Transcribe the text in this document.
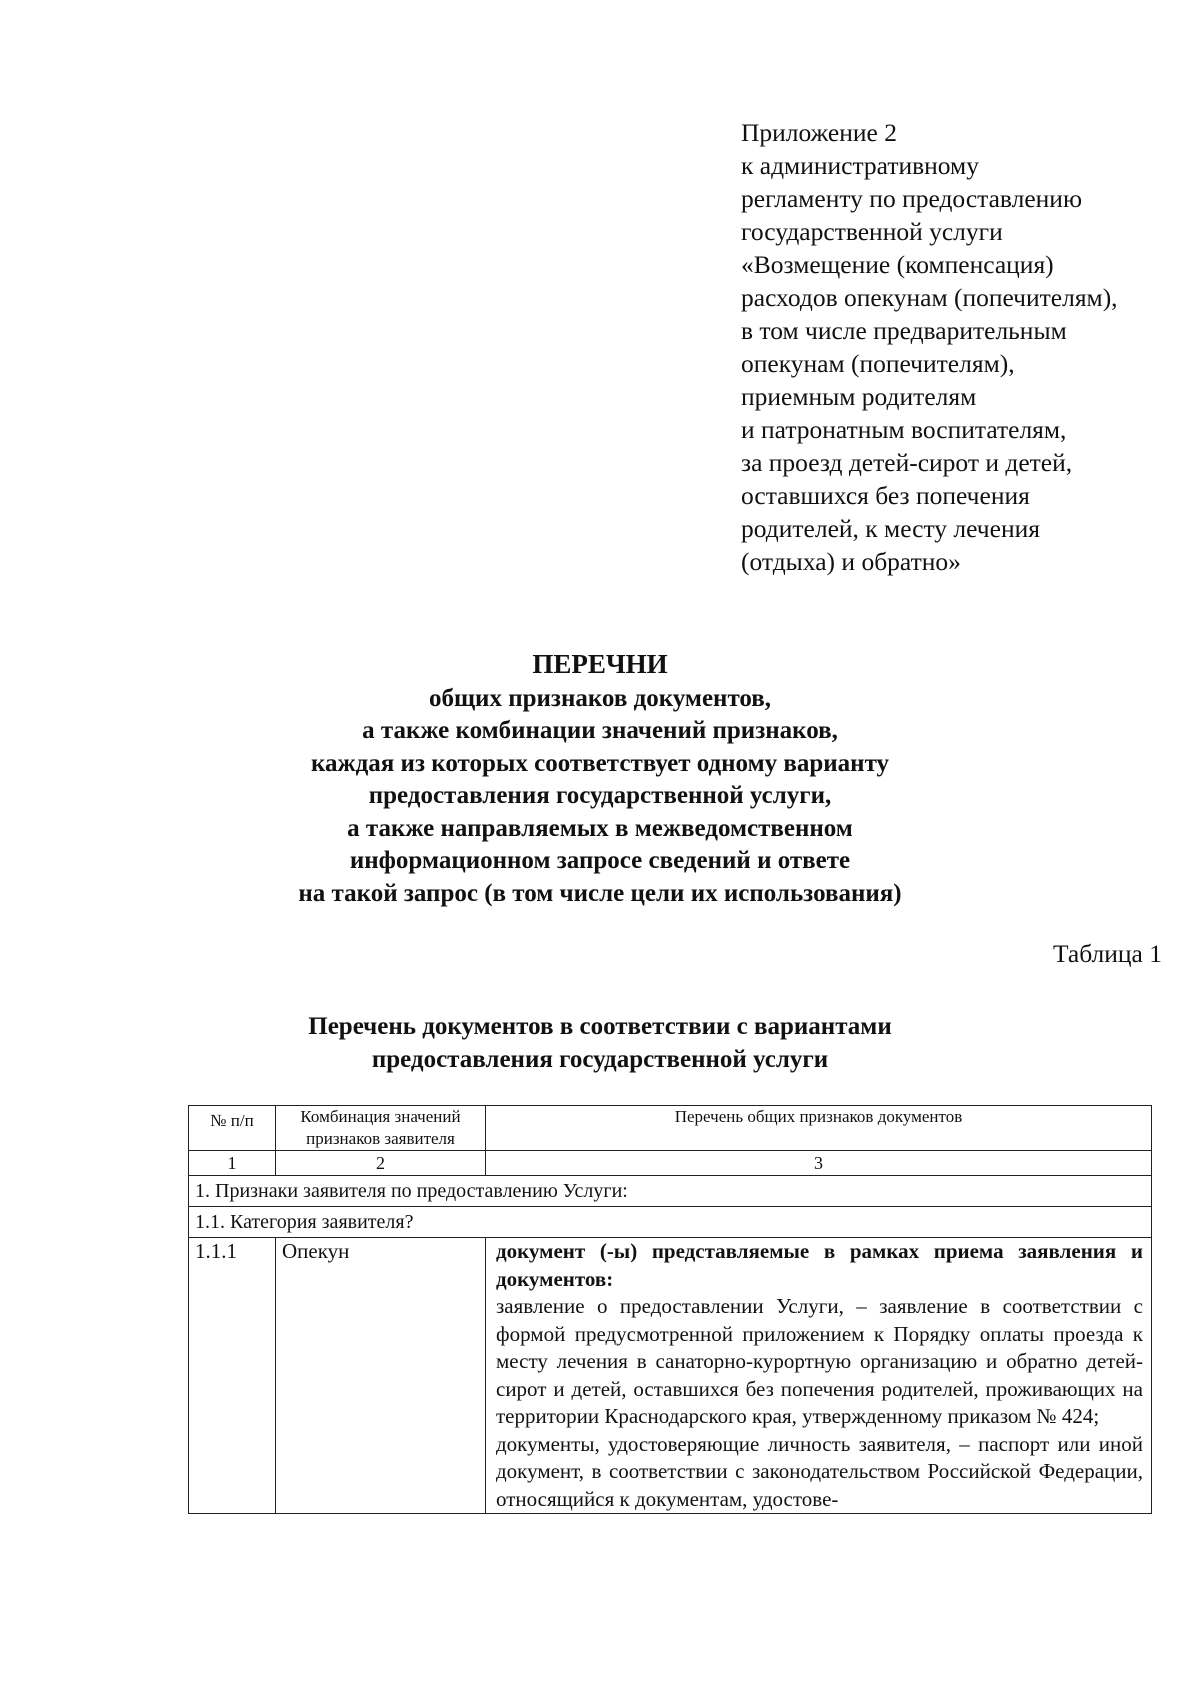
Приложение 2
к административному
регламенту по предоставлению
государственной услуги
«Возмещение (компенсация)
расходов опекунам (попечителям),
в том числе предварительным
опекунам (попечителям),
приемным родителям
и патронатным воспитателям,
за проезд детей-сирот и детей,
оставшихся без попечения
родителей, к месту лечения
(отдыха) и обратно»
ПЕРЕЧНИ
общих признаков документов,
а также комбинации значений признаков,
каждая из которых соответствует одному варианту
предоставления государственной услуги,
а также направляемых в межведомственном
информационном запросе сведений и ответе
на такой запрос (в том числе цели их использования)
Таблица 1
Перечень документов в соответствии с вариантами
предоставления государственной услуги
№ п/п	Комбинация значений признаков заявителя	Перечень общих признаков документов
1	2	3
1. Признаки заявителя по предоставлению Услуги:		
1.1. Категория заявителя?		
1.1.1	Опекун	документ (-ы) представляемые в рамках приема заявления и документов:
заявление о предоставлении Услуги, – заявление в соответствии с формой предусмотренной приложением к Порядку оплаты проезда к месту лечения в санаторно-курортную организацию и обратно детей-сирот и детей, оставшихся без попечения родителей, проживающих на территории Краснодарского края, утвержденному приказом № 424;
документы, удостоверяющие личность заявителя, – паспорт или иной документ, в соответствии с законодательством Российской Федерации, относящийся к документам, удостове-
